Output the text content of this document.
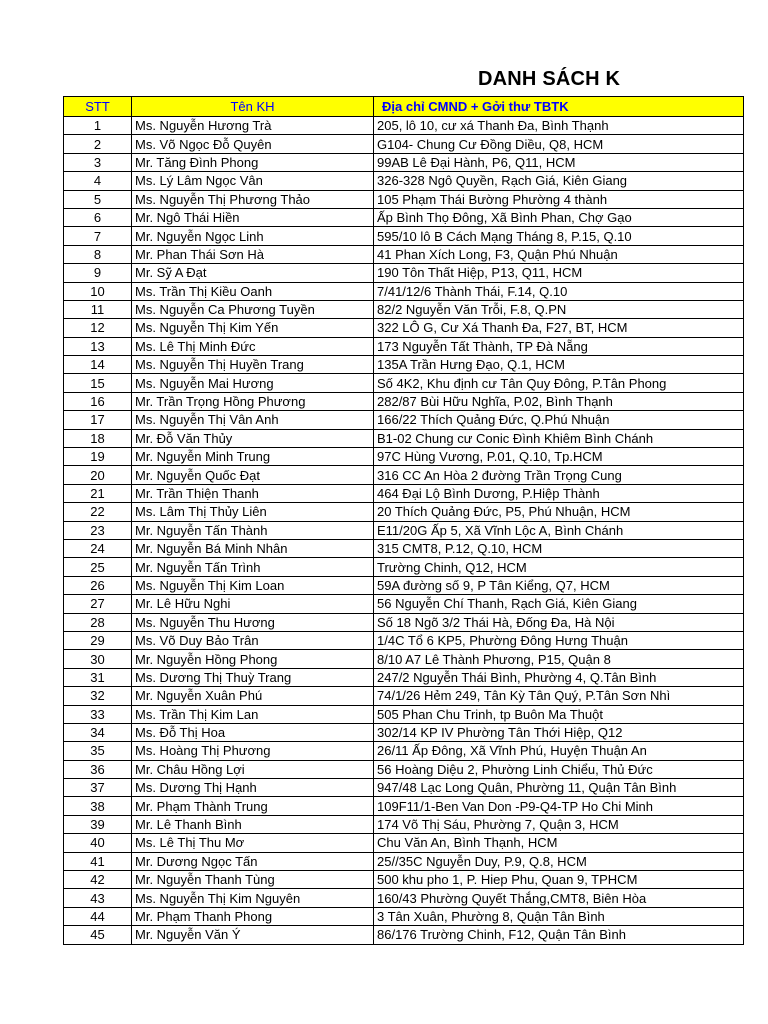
DANH SÁCH K
STT	Tên KH	Địa chỉ CMND + Gởi thư TBTK
1	Ms. Nguyễn Hương Trà	205, lô 10, cư xá Thanh Đa, Bình Thạnh
2	Ms. Võ Ngọc Đỗ Quyên	G104- Chung Cư Đồng Diều, Q8, HCM
3	Mr. Tăng Đình Phong	99AB Lê Đại Hành, P6, Q11, HCM
4	Ms. Lý Lâm Ngọc Vân	326-328 Ngô Quyền, Rạch Giá, Kiên Giang
5	Ms. Nguyễn Thị Phương Thảo	105 Phạm Thái Bường Phường 4 thành
6	Mr. Ngô Thái Hiền	Ấp Bình Thọ Đông, Xã Bình Phan, Chợ Gạo
7	Mr. Nguyễn Ngọc Linh	595/10 lô B Cách Mạng Tháng 8, P.15, Q.10
8	Mr. Phan Thái Sơn Hà	41 Phan Xích Long, F3, Quận Phú Nhuận
9	Mr. Sỹ A Đạt	190 Tôn Thất Hiệp, P13, Q11, HCM
10	Ms. Trần Thị Kiều Oanh	7/41/12/6 Thành Thái, F.14, Q.10
11	Ms. Nguyễn Ca Phương Tuyền	82/2 Nguyễn Văn Trỗi, F.8, Q.PN
12	Ms. Nguyễn Thị Kim Yến	322 LÔ G, Cư Xá Thanh Đa, F27, BT, HCM
13	Ms. Lê Thị Minh Đức	173 Nguyễn Tất Thành, TP Đà Nẵng
14	Ms. Nguyễn Thị Huyền Trang	135A Trần Hưng Đạo, Q.1, HCM
15	Ms. Nguyễn Mai Hương	Số 4K2, Khu định cư Tân Quy Đông, P.Tân Phong
16	Mr. Trần Trọng Hồng Phương	282/87 Bùi Hữu Nghĩa, P.02, Bình Thạnh
17	Ms. Nguyễn Thị Vân Anh	166/22 Thích Quảng Đức, Q.Phú Nhuận
18	Mr. Đỗ Văn Thủy	B1-02 Chung cư Conic Đình Khiêm Bình Chánh
19	Mr. Nguyễn Minh Trung	97C Hùng Vương, P.01, Q.10, Tp.HCM
20	Mr. Nguyễn Quốc Đạt	316 CC An Hòa 2 đường Trần Trọng Cung
21	Mr. Trần Thiện Thanh	464 Đại Lộ Bình Dương, P.Hiệp Thành
22	Ms. Lâm Thị Thủy Liên	20 Thích Quảng Đức, P5, Phú Nhuận, HCM
23	Mr. Nguyễn Tấn Thành	E11/20G Ấp 5, Xã Vĩnh Lộc A, Bình Chánh
24	Mr. Nguyễn Bá Minh Nhân	315 CMT8, P.12, Q.10, HCM
25	Mr. Nguyễn Tấn Trình	Trường Chinh, Q12, HCM
26	Ms. Nguyễn Thị Kim Loan	59A đường số 9, P Tân Kiểng, Q7, HCM
27	Mr. Lê Hữu Nghi	56 Nguyễn Chí Thanh, Rạch Giá, Kiên Giang
28	Ms. Nguyễn Thu Hương	Số 18 Ngõ 3/2 Thái Hà, Đống Đa, Hà Nội
29	Ms. Võ Duy Bảo Trân	1/4C Tổ 6 KP5, Phường Đông Hưng Thuận
30	Mr. Nguyễn Hồng Phong	8/10 A7 Lê Thành Phương, P15, Quận 8
31	Ms. Dương Thị Thuỳ Trang	247/2 Nguyễn Thái Bình, Phường 4, Q.Tân Bình
32	Mr. Nguyễn Xuân Phú	74/1/26 Hẻm 249, Tân Kỳ Tân Quý, P.Tân Sơn Nhì
33	Ms. Trần Thị Kim Lan	505 Phan Chu Trinh, tp Buôn Ma Thuột
34	Ms. Đỗ Thị Hoa	302/14 KP IV Phường Tân Thới Hiệp, Q12
35	Ms. Hoàng Thị Phương	26/11 Ấp Đông, Xã Vĩnh Phú, Huyện Thuận An
36	Mr. Châu Hồng Lợi	56 Hoàng Diệu 2, Phường Linh Chiểu, Thủ Đức
37	Ms. Dương Thị Hạnh	947/48 Lạc Long Quân, Phường 11, Quận Tân Bình
38	Mr. Phạm Thành Trung	109F11/1-Ben Van Don -P9-Q4-TP Ho Chi Minh
39	Mr. Lê Thanh Bình	174 Võ Thị Sáu, Phường 7, Quận 3, HCM
40	Ms. Lê Thị Thu Mơ	Chu Văn An, Bình Thạnh, HCM
41	Mr. Dương Ngọc Tấn	25//35C Nguyễn Duy, P.9, Q.8, HCM
42	Mr. Nguyễn Thanh Tùng	500 khu pho 1, P. Hiep Phu, Quan 9, TPHCM
43	Ms. Nguyễn Thị Kim Nguyên	160/43 Phường Quyết Thắng,CMT8, Biên Hòa
44	Mr. Phạm Thanh Phong	3 Tân Xuân, Phường 8, Quận Tân Bình
45	Mr. Nguyễn Văn Ý	86/176 Trường Chinh, F12, Quận Tân Bình
